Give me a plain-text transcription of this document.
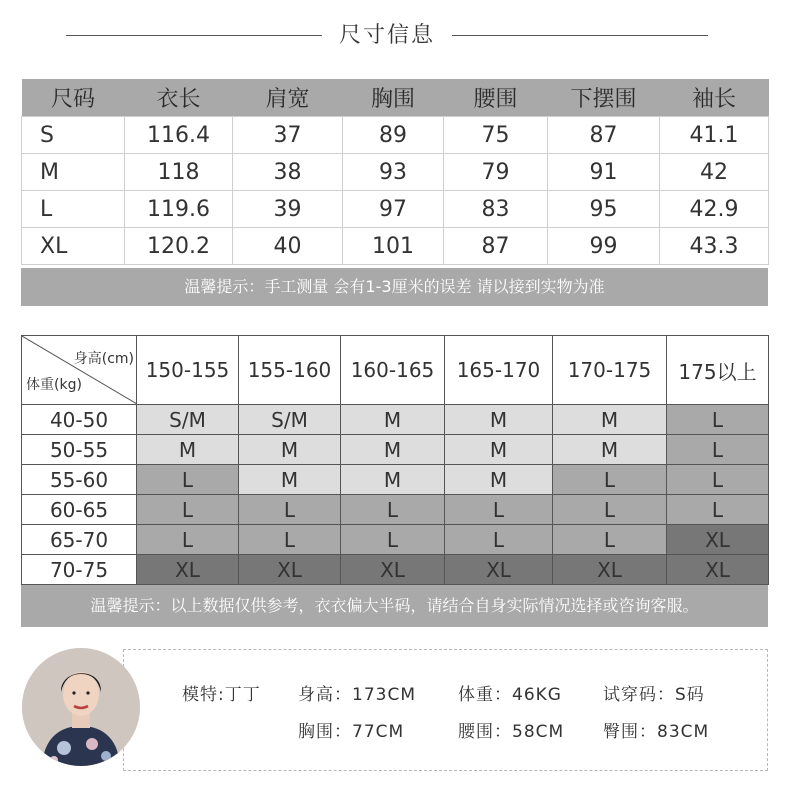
尺寸信息
尺码	衣长	肩宽	胸围	腰围	下摆围	袖长
S	116.4	37	89	75	87	41.1
M	118	38	93	79	91	42
L	119.6	39	97	83	95	42.9
XL	120.2	40	101	87	99	43.3
温馨提示：手工测量 会有1-3厘米的误差 请以接到实物为准
身高(cm)
体重(kg)	150-155	155-160	160-165	165-170	170-175	175以上
40-50	S/M	S/M	M	M	M	L
50-55	M	M	M	M	M	L
55-60	L	M	M	M	L	L
60-65	L	L	L	L	L	L
65-70	L	L	L	L	L	XL
70-75	XL	XL	XL	XL	XL	XL
温馨提示：以上数据仅供参考，衣衣偏大半码，请结合自身实际情况选择或咨询客服。
模特:丁丁 身高：173CM 体重：46KG 试穿码：S码
胸围：77CM	腰围：58CM 臀围：83CM
